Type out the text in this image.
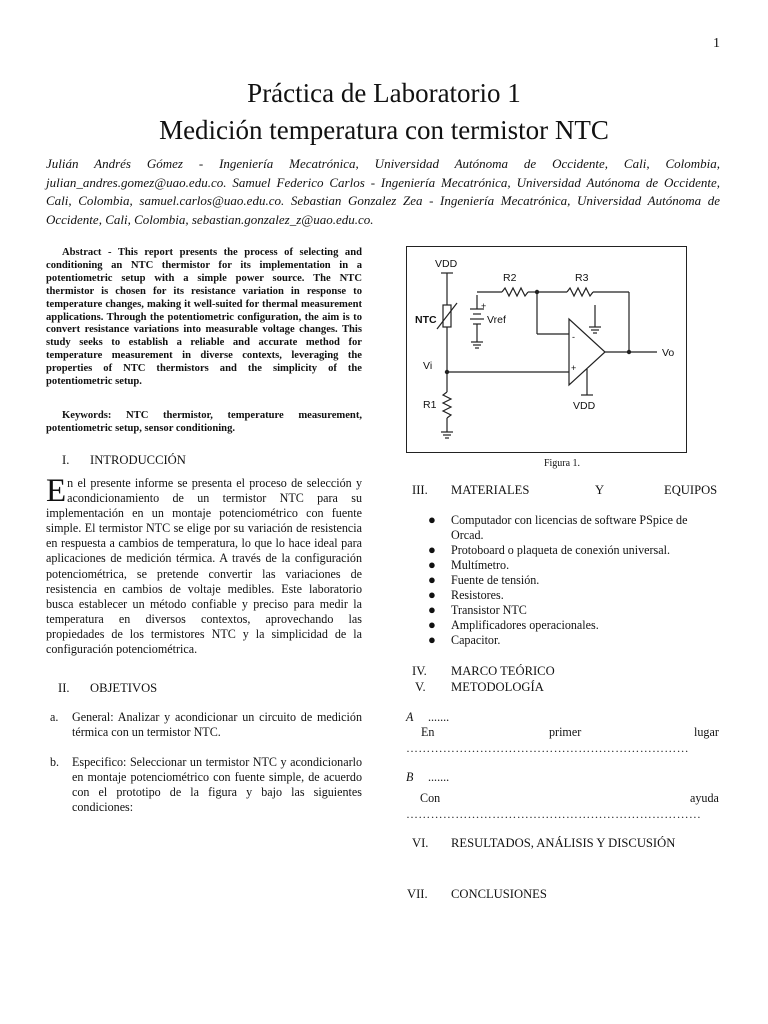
1
Práctica de Laboratorio 1
Medición temperatura con termistor NTC
Julián Andrés Gómez - Ingeniería Mecatrónica, Universidad Autónoma de Occidente, Cali, Colombia, julian_andres.gomez@uao.edu.co. Samuel Federico Carlos - Ingeniería Mecatrónica, Universidad Autónoma de Occidente, Cali, Colombia, samuel.carlos@uao.edu.co. Sebastian Gonzalez Zea - Ingeniería Mecatrónica, Universidad Autónoma de Occidente, Cali, Colombia, sebastian.gonzalez_z@uao.edu.co.
Abstract - This report presents the process of selecting and conditioning an NTC thermistor for its implementation in a potentiometric setup with a simple power source. The NTC thermistor is chosen for its resistance variation in response to temperature changes, making it well-suited for thermal measurement applications. Through the potentiometric configuration, the aim is to convert resistance variations into measurable voltage changes. This study seeks to establish a reliable and accurate method for temperature measurement in diverse contexts, leveraging the properties of NTC thermistors and the simplicity of the potentiometric setup.
Keywords: NTC thermistor, temperature measurement, potentiometric setup, sensor conditioning.
I. INTRODUCCIÓN
En el presente informe se presenta el proceso de selección y acondicionamiento de un termistor NTC para su implementación en un montaje potenciométrico con fuente simple. El termistor NTC se elige por su variación de resistencia en respuesta a cambios de temperatura, lo que lo hace ideal para aplicaciones de medición térmica. A través de la configuración potenciométrica, se pretende convertir las variaciones de resistencia en cambios de voltaje medibles. Este laboratorio busca establecer un método confiable y preciso para medir la temperatura en diversos contextos, aprovechando las propiedades de los termistores NTC y la simplicidad de la configuración potenciométrica.
II. OBJETIVOS
a. General: Analizar y acondicionar un circuito de medición térmica con un termistor NTC.
b. Especifico: Seleccionar un termistor NTC y acondicionarlo en montaje potenciométrico con fuente simple, de acuerdo con el prototipo de la figura y bajo las siguientes condiciones:
VDD
R2	R3
NTC
+
Vref
Vi
Vo
R1	VDD
-
+
Figura 1.
III. MATERIALES	Y	EQUIPOS
● Computador con licencias de software PSpice de Orcad.
● Protoboard o plaqueta de conexión universal.
● Multímetro.
● Fuente de tensión.
● Resistores.
● Transistor NTC
● Amplificadores operacionales.
● Capacitor.
IV. MARCO TEÓRICO
V. METODOLOGÍA
A .......
En	primer	lugar
……………………………………………………………
B .......
Con	ayuda
………………………………………………………………
VI. RESULTADOS, ANÁLISIS Y DISCUSIÓN
VII. CONCLUSIONES
